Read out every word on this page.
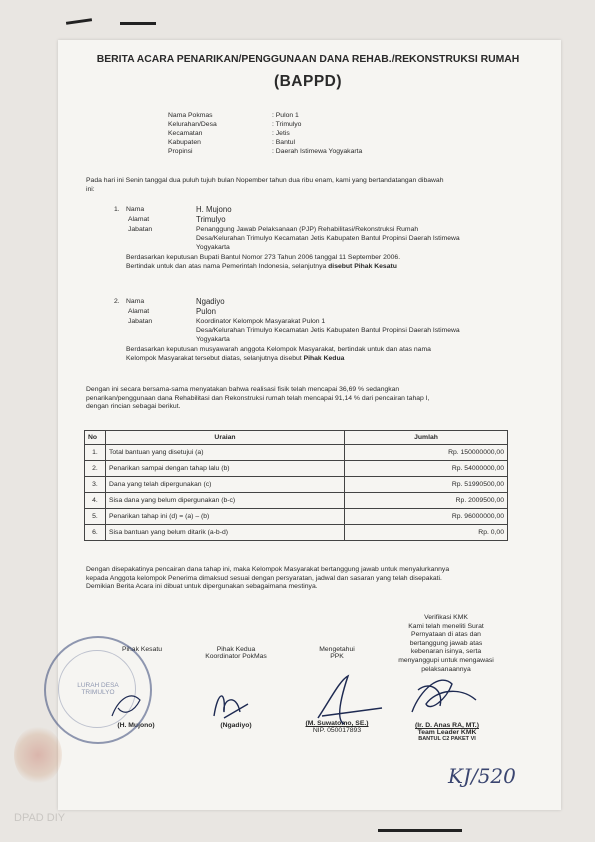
BERITA ACARA PENARIKAN/PENGGUNAAN DANA REHAB./REKONSTRUKSI RUMAH
(BAPPD)
Nama Pokmas	: Pulon 1
Kelurahan/Desa	: Trimulyo
Kecamatan	: Jetis
Kabupaten	: Bantul
Propinsi	: Daerah Istimewa Yogyakarta
Pada hari ini Senin tanggal dua puluh tujuh bulan Nopember tahun dua ribu enam, kami yang bertandatangan dibawah
ini:
1. Nama	H. Mujono
Alamat	Trimulyo
Jabatan	Penanggung Jawab Pelaksanaan (PJP) Rehabilitasi/Rekonstruksi Rumah
Desa/Kelurahan Trimulyo Kecamatan Jetis Kabupaten Bantul Propinsi Daerah Istimewa
Yogyakarta
Berdasarkan keputusan Bupati Bantul Nomor 273 Tahun 2006 tanggal 11 September 2006.
Bertindak untuk dan atas nama Pemerintah Indonesia, selanjutnya disebut Pihak Kesatu
2. Nama	Ngadiyo
Alamat	Pulon
Jabatan	Koordinator Kelompok Masyarakat Pulon 1
Desa/Kelurahan Trimulyo Kecamatan Jetis Kabupaten Bantul Propinsi Daerah Istimewa
Yogyakarta
Berdasarkan keputusan musyawarah anggota Kelompok Masyarakat, bertindak untuk dan atas nama
Kelompok Masyarakat tersebut diatas, selanjutnya disebut Pihak Kedua
Dengan ini secara bersama-sama menyatakan bahwa realisasi fisik telah mencapai 36,69 % sedangkan
penarikan/penggunaan dana Rehabilitasi dan Rekonstruksi rumah telah mencapai 91,14 % dari pencairan tahap I,
dengan rincian sebagai berikut.
No	Uraian	Jumlah
1.	Total bantuan yang disetujui (a)	Rp. 150000000,00
2.	Penarikan sampai dengan tahap lalu (b)	Rp. 54000000,00
3.	Dana yang telah dipergunakan (c)	Rp. 51990500,00
4.	Sisa dana yang belum dipergunakan (b-c)	Rp. 2009500,00
5.	Penarikan tahap ini (d) = (a) – (b)	Rp. 96000000,00
6.	Sisa bantuan yang belum ditarik (a-b-d)	Rp. 0,00
Dengan disepakatinya pencairan dana tahap ini, maka Kelompok Masyarakat bertanggung jawab untuk menyalurkannya
kepada Anggota kelompok Penerima dimaksud sesuai dengan persyaratan, jadwal dan sasaran yang telah disepakati.
Demikian Berita Acara ini dibuat untuk dipergunakan sebagaimana mestinya.
Verifikasi KMK
Kami telah meneliti Surat
Pernyataan di atas dan
bertanggung jawab atas
kebenaran isinya, serta
menyanggupi untuk mengawasi
pelaksanaannya
Pihak Kesatu
(H. Mujono)
Pihak Kedua
Koordinator PokMas
(Ngadiyo)
Mengetahui
PPK
(M. Suwatomo, SE.)
NIP. 050017893
(Ir. D. Anas RA, MT.)
Team Leader KMK
BANTUL C2 PAKET VI
LURAH DESA TRIMULYO
KJ/520
DPAD DIY
